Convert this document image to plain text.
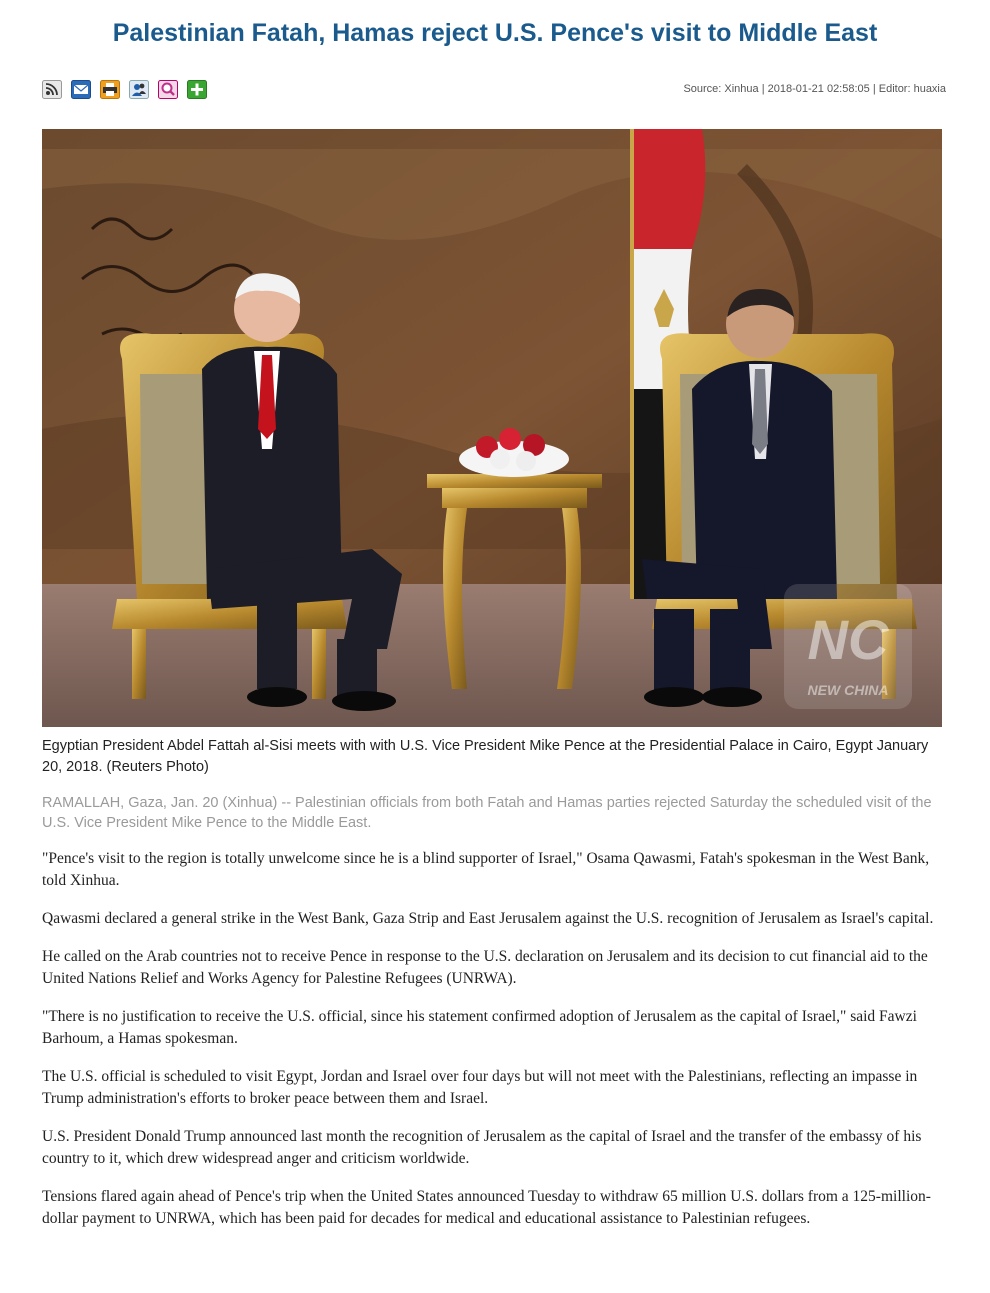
Palestinian Fatah, Hamas reject U.S. Pence's visit to Middle East
Source: Xinhua | 2018-01-21 02:58:05 | Editor: huaxia
NC
NEW CHINA
Egyptian President Abdel Fattah al-Sisi meets with with U.S. Vice President Mike Pence at the Presidential Palace in Cairo, Egypt January 20, 2018. (Reuters Photo)
RAMALLAH, Gaza, Jan. 20 (Xinhua) -- Palestinian officials from both Fatah and Hamas parties rejected Saturday the scheduled visit of the U.S. Vice President Mike Pence to the Middle East.

"Pence's visit to the region is totally unwelcome since he is a blind supporter of Israel," Osama Qawasmi, Fatah's spokesman in the West Bank, told Xinhua.

Qawasmi declared a general strike in the West Bank, Gaza Strip and East Jerusalem against the U.S. recognition of Jerusalem as Israel's capital.

He called on the Arab countries not to receive Pence in response to the U.S. declaration on Jerusalem and its decision to cut financial aid to the United Nations Relief and Works Agency for Palestine Refugees (UNRWA).

"There is no justification to receive the U.S. official, since his statement confirmed adoption of Jerusalem as the capital of Israel," said Fawzi Barhoum, a Hamas spokesman.

The U.S. official is scheduled to visit Egypt, Jordan and Israel over four days but will not meet with the Palestinians, reflecting an impasse in Trump administration's efforts to broker peace between them and Israel.

U.S. President Donald Trump announced last month the recognition of Jerusalem as the capital of Israel and the transfer of the embassy of his country to it, which drew widespread anger and criticism worldwide.

Tensions flared again ahead of Pence's trip when the United States announced Tuesday to withdraw 65 million U.S. dollars from a 125-million-dollar payment to UNRWA, which has been paid for decades for medical and educational assistance to Palestinian refugees.
